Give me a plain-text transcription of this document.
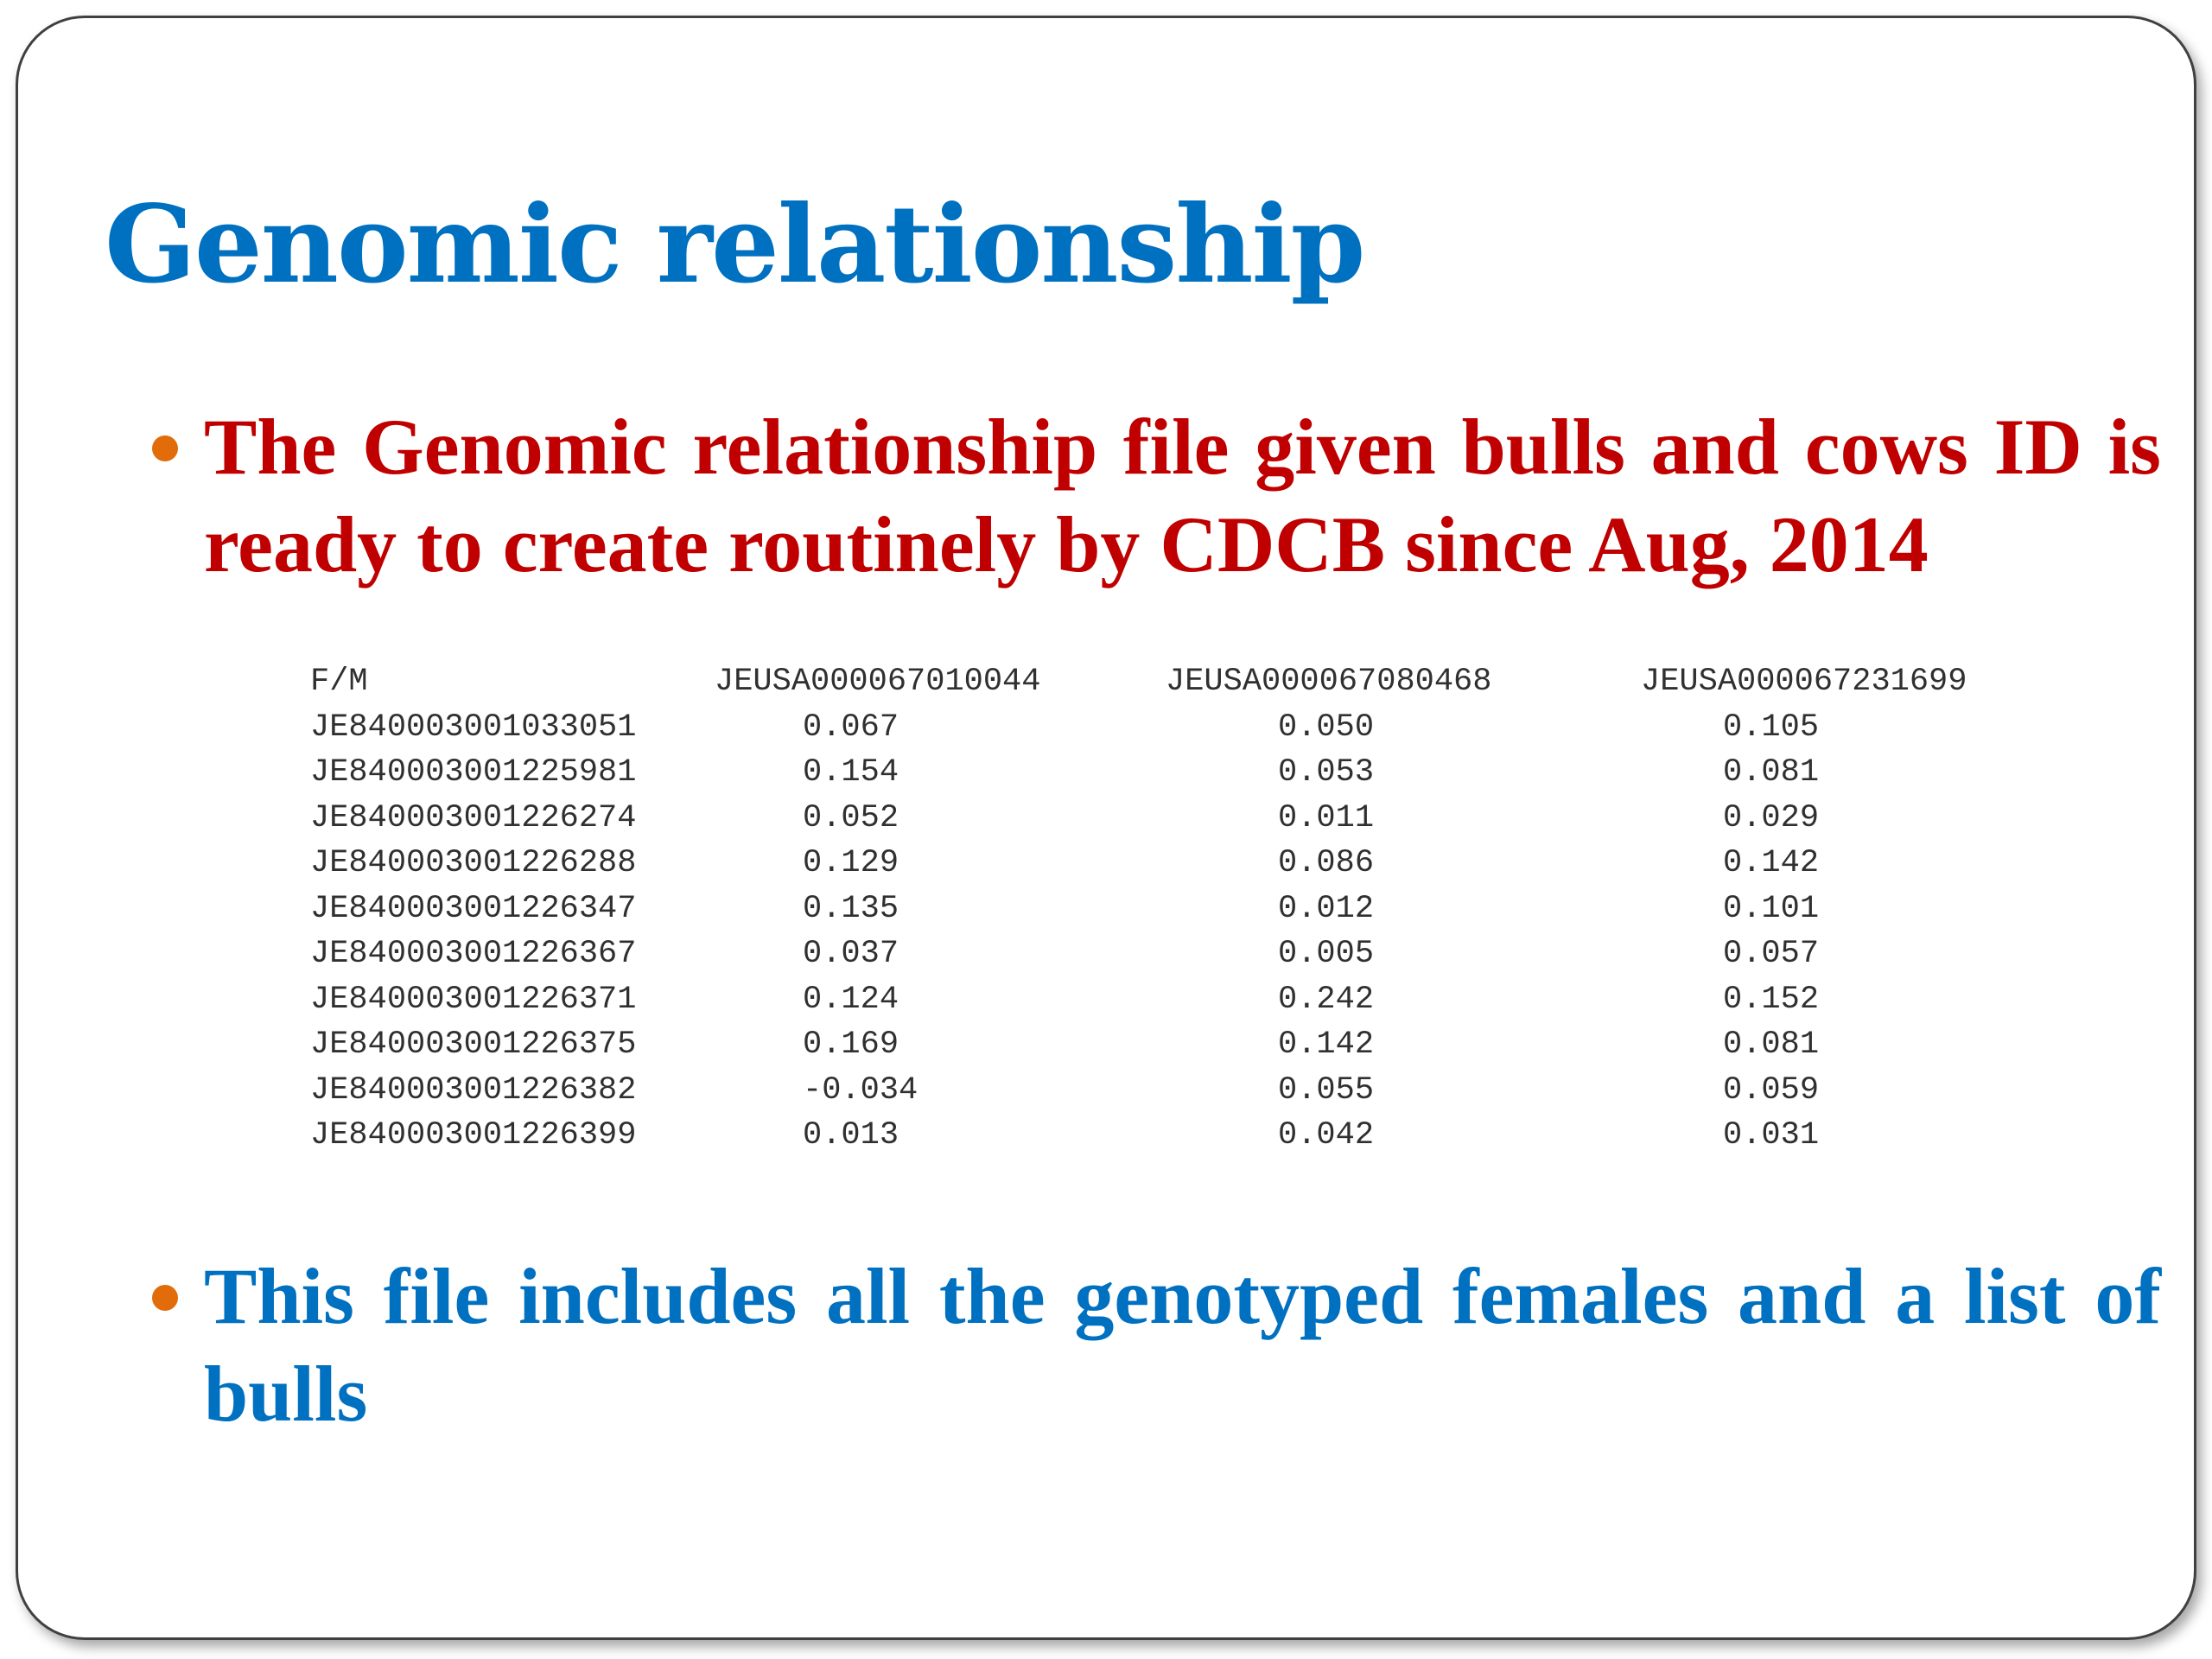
Genomic relationship
The Genomic relationship file given bulls and cows ID is ready to create routinely by CDCB since Aug, 2014
F/M	JEUSA000067010044	JEUSA000067080468	JEUSA000067231699
JE840003001033051	0.067	0.050	0.105
JE840003001225981	0.154	0.053	0.081
JE840003001226274	0.052	0.011	0.029
JE840003001226288	0.129	0.086	0.142
JE840003001226347	0.135	0.012	0.101
JE840003001226367	0.037	0.005	0.057
JE840003001226371	0.124	0.242	0.152
JE840003001226375	0.169	0.142	0.081
JE840003001226382	-0.034	0.055	0.059
JE840003001226399	0.013	0.042	0.031
This file includes all the genotyped females and a list of bulls
